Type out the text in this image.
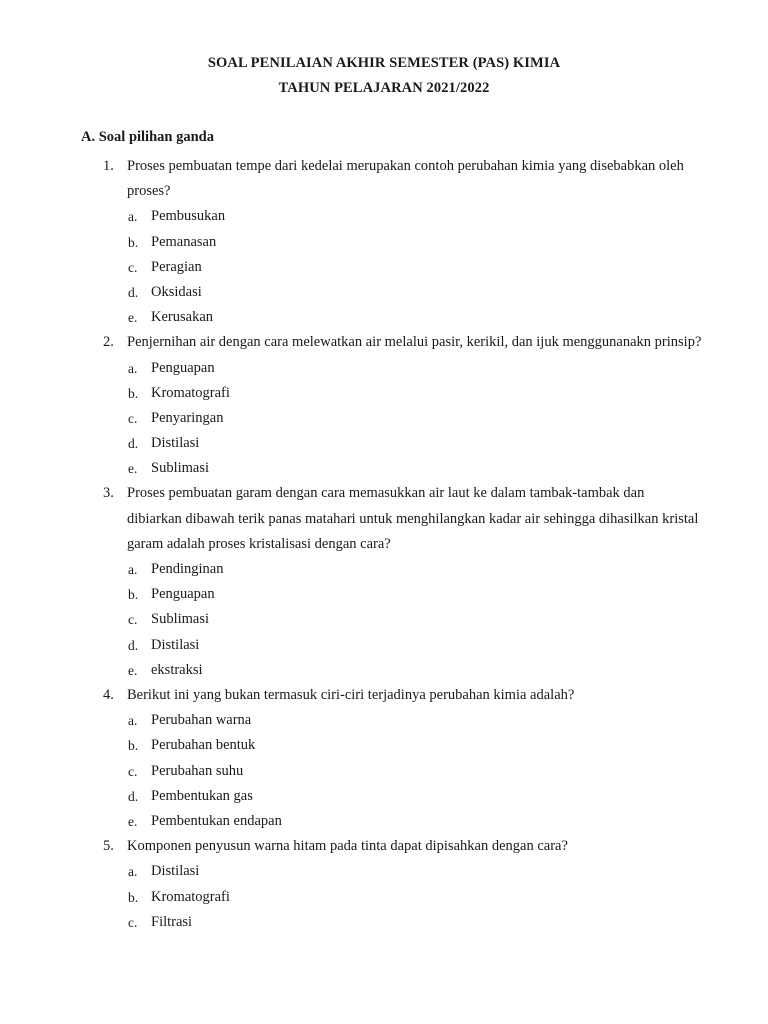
SOAL PENILAIAN AKHIR SEMESTER (PAS) KIMIA
TAHUN PELAJARAN 2021/2022
A. Soal pilihan ganda
1. Proses pembuatan tempe dari kedelai merupakan contoh perubahan kimia yang disebabkan oleh proses?
a. Pembusukan
b. Pemanasan
c. Peragian
d. Oksidasi
e. Kerusakan
2. Penjernihan air dengan cara melewatkan air melalui pasir, kerikil, dan ijuk menggunanakn prinsip?
a. Penguapan
b. Kromatografi
c. Penyaringan
d. Distilasi
e. Sublimasi
3. Proses pembuatan garam dengan cara memasukkan air laut ke dalam tambak-tambak dan dibiarkan dibawah terik panas matahari untuk menghilangkan kadar air sehingga dihasilkan kristal garam adalah proses kristalisasi dengan cara?
a. Pendinginan
b. Penguapan
c. Sublimasi
d. Distilasi
e. ekstraksi
4. Berikut ini yang bukan termasuk ciri-ciri terjadinya perubahan kimia adalah?
a. Perubahan warna
b. Perubahan bentuk
c. Perubahan suhu
d. Pembentukan gas
e. Pembentukan endapan
5. Komponen penyusun warna hitam pada tinta dapat dipisahkan dengan cara?
a. Distilasi
b. Kromatografi
c. Filtrasi
